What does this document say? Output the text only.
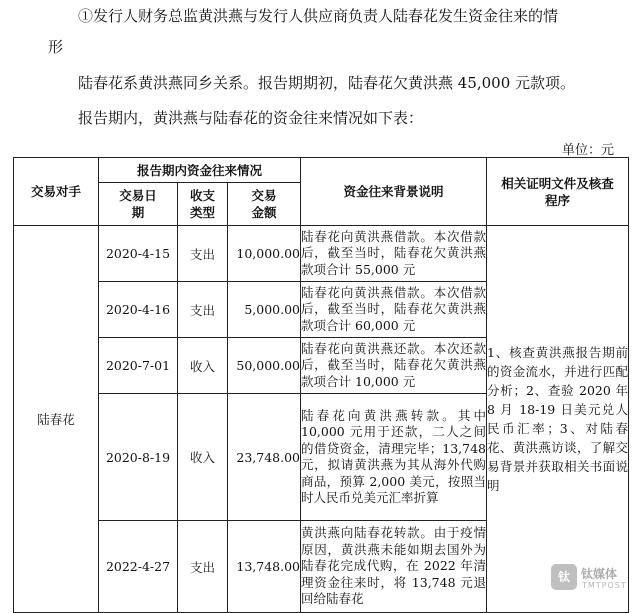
①发行人财务总监黄洪燕与发行人供应商负责人陆春花发生资金往来的情
形
陆春花系黄洪燕同乡关系。报告期期初，陆春花欠黄洪燕 45,000 元款项。
报告期内，黄洪燕与陆春花的资金往来情况如下表：
单位：元
交易对手	报告期内资金往来情况			资金往来背景说明	相关证明文件及核查程序
	交易日期	收支类型	交易金额		
陆春花	2020-4-15	支出	10,000.00	陆春花向黄洪燕借款。本次借款后，截至当时，陆春花欠黄洪燕款项合计 55,000 元	1、核查黄洪燕报告期前的资金流水，并进行匹配分析；2、查验 2020 年 8 月 18-19 日美元兑人民币汇率；3、对陆春花、黄洪燕访谈，了解交易背景并获取相关书面说明
	2020-4-16	支出	5,000.00	陆春花向黄洪燕借款。本次借款后，截至当时，陆春花欠黄洪燕款项合计 60,000 元	
	2020-7-01	收入	50,000.00	陆春花向黄洪燕还款。本次还款后，截至当时，陆春花欠黄洪燕款项合计 10,000 元	
	2020-8-19	收入	23,748.00	陆春花向黄洪燕转款。其中 10,000 元用于还款，二人之间的借贷资金，清理完毕；13,748 元，拟请黄洪燕为其从海外代购商品，预算 2,000 美元，按照当时人民币兑美元汇率折算	
	2022-4-27	支出	13,748.00	黄洪燕向陆春花转款。由于疫情原因，黄洪燕未能如期去国外为陆春花完成代购，在 2022 年清理资金往来时，将 13,748 元退回给陆春花	
钛 钛媒体
TMTPOST
